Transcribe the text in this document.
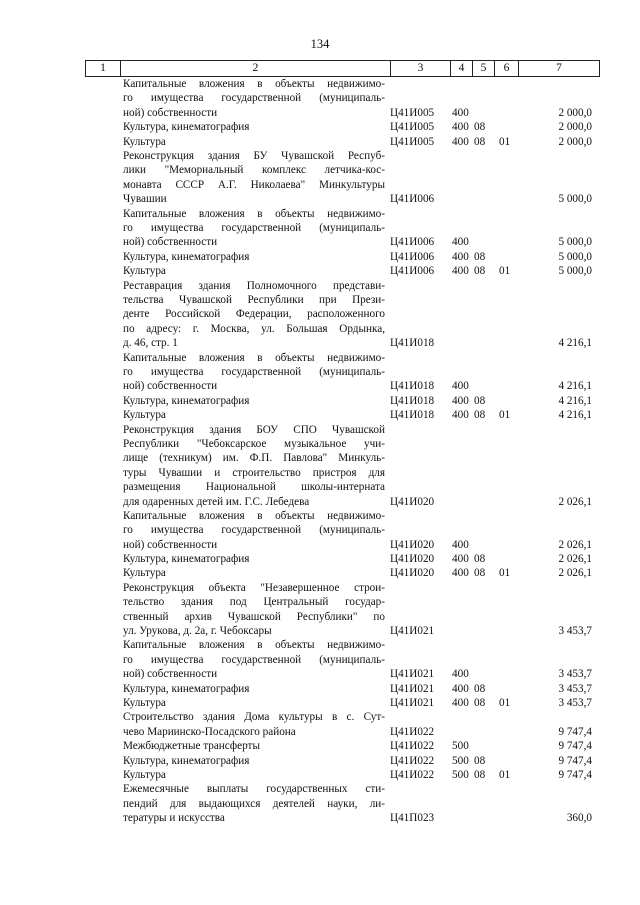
134
1	2	3	4	5	6	7
Капитальные вложения в объекты недвижимо-
го имущества государственной (муниципаль-
ной) собственности	Ц41И005 400	2 000,0
Культура, кинематография	Ц41И005 400 08	2 000,0
Культура	Ц41И005 400 08 01	2 000,0
Реконструкция здания БУ Чувашской Респуб-
лики "Мемориальный комплекс летчика-кос-
монавта СССР А.Г. Николаева" Минкультуры
Чувашии	Ц41И006	5 000,0
Капитальные вложения в объекты недвижимо-
го имущества государственной (муниципаль-
ной) собственности	Ц41И006 400	5 000,0
Культура, кинематография	Ц41И006 400 08	5 000,0
Культура	Ц41И006 400 08 01	5 000,0
Реставрация здания Полномочного представи-
тельства Чувашской Республики при Прези-
денте Российской Федерации, расположенного
по адресу: г. Москва, ул. Большая Ордынка,
д. 46, стр. 1	Ц41И018	4 216,1
Капитальные вложения в объекты недвижимо-
го имущества государственной (муниципаль-
ной) собственности	Ц41И018 400	4 216,1
Культура, кинематография	Ц41И018 400 08	4 216,1
Культура	Ц41И018 400 08 01	4 216,1
Реконструкция здания БОУ СПО Чувашской
Республики "Чебоксарское музыкальное учи-
лище (техникум) им. Ф.П. Павлова" Минкуль-
туры Чувашии и строительство пристроя для
размещения Национальной школы-интерната
для одаренных детей им. Г.С. Лебедева	Ц41И020	2 026,1
Капитальные вложения в объекты недвижимо-
го имущества государственной (муниципаль-
ной) собственности	Ц41И020 400	2 026,1
Культура, кинематография	Ц41И020 400 08	2 026,1
Культура	Ц41И020 400 08 01	2 026,1
Реконструкция объекта "Незавершенное строи-
тельство здания под Центральный государ-
ственный архив Чувашской Республики" по
ул. Урукова, д. 2а, г. Чебоксары	Ц41И021	3 453,7
Капитальные вложения в объекты недвижимо-
го имущества государственной (муниципаль-
ной) собственности	Ц41И021 400	3 453,7
Культура, кинематография	Ц41И021 400 08	3 453,7
Культура	Ц41И021 400 08 01	3 453,7
Строительство здания Дома культуры в с. Сут-
чево Мариинско-Посадского района	Ц41И022	9 747,4
Межбюджетные трансферты	Ц41И022 500	9 747,4
Культура, кинематография	Ц41И022 500 08	9 747,4
Культура	Ц41И022 500 08 01	9 747,4
Ежемесячные выплаты государственных сти-
пендий для выдающихся деятелей науки, ли-
тературы и искусства	Ц41П023	360,0
